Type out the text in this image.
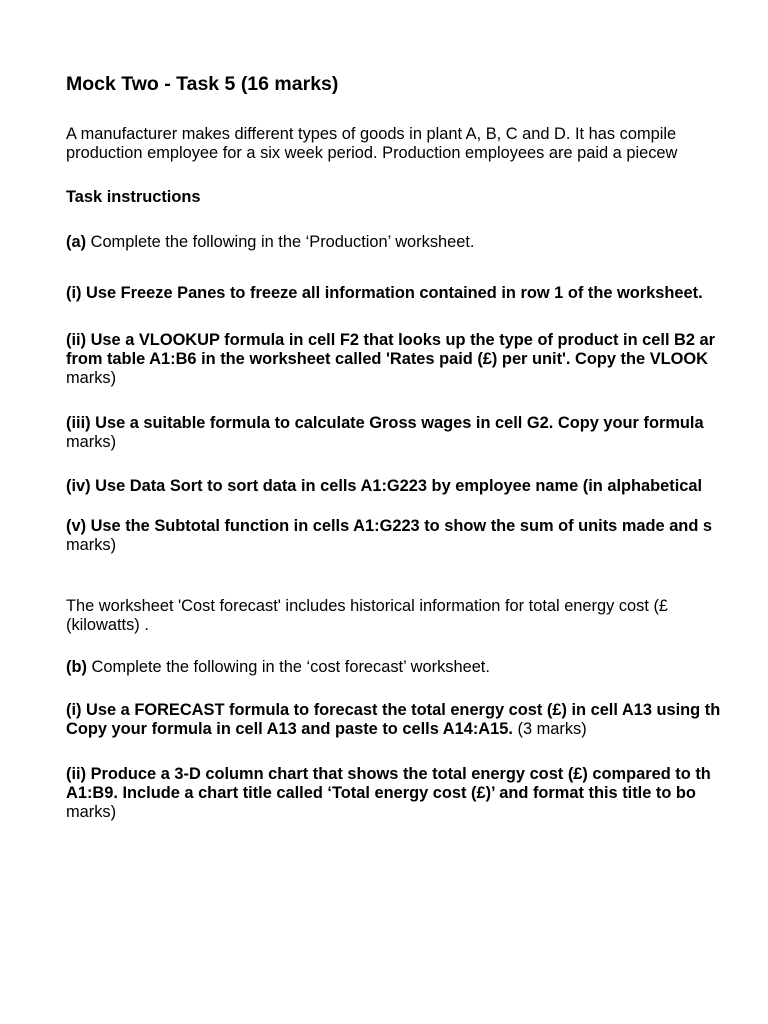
Mock Two - Task 5 (16 marks)
A manufacturer makes different types of goods in plant A, B, C and D. It has compile
production employee for a six week period. Production employees are paid a piecew
Task instructions
(a) Complete the following in the ‘Production’ worksheet.
(i) Use Freeze Panes to freeze all information contained in row 1 of the worksheet.
(ii) Use a VLOOKUP formula in cell F2 that looks up the type of product in cell B2 ar
from table A1:B6 in the worksheet called 'Rates paid (£) per unit'. Copy the VLOOK
marks)
(iii) Use a suitable formula to calculate Gross wages in cell G2. Copy your formula
marks)
(iv) Use Data Sort to sort data in cells A1:G223 by employee name (in alphabetical
(v) Use the Subtotal function in cells A1:G223 to show the sum of units made and s
marks)
The worksheet 'Cost forecast' includes historical information for total energy cost (£
(kilowatts) .
(b) Complete the following in the ‘cost forecast’ worksheet.
(i) Use a FORECAST formula to forecast the total energy cost (£) in cell A13 using th
Copy your formula in cell A13 and paste to cells A14:A15. (3 marks)
(ii) Produce a 3-D column chart that shows the total energy cost (£) compared to th
A1:B9. Include a chart title called ‘Total energy cost (£)’ and format this title to bo
marks)
